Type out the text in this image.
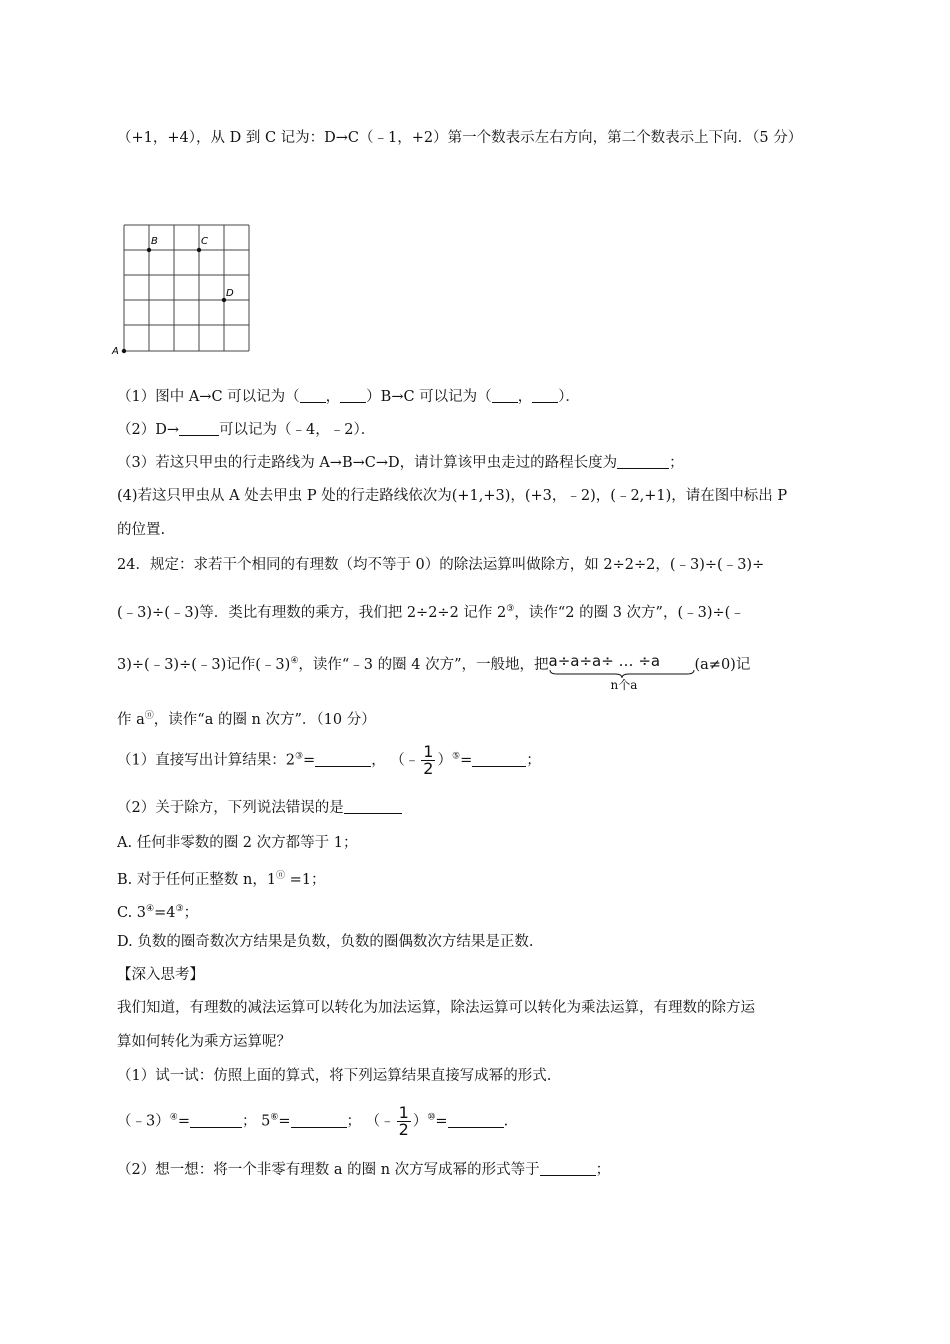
（+1，+4），从 D 到 C 记为：D→C（﹣1，+2）第一个数表示左右方向，第二个数表示上下向．（5 分）
A
B	C
D
（1）图中 A→C 可以记为（ ， ）B→C 可以记为（ ， ）．
（2）D→	可以记为（﹣4，﹣2）．
（3）若这只甲虫的行走路线为 A→B→C→D，请计算该甲虫走过的路程长度为	；
(4)若这只甲虫从 A 处去甲虫 P 处的行走路线依次为(+1,+3)，(+3，﹣2)，(﹣2,+1)，请在图中标出 P
的位置.
24．规定：求若干个相同的有理数（均不等于 0）的除法运算叫做除方，如 2÷2÷2，(﹣3)÷(﹣3)÷
(﹣3)÷(﹣3)等．类比有理数的乘方，我们把 2÷2÷2 记作 2③，读作“2 的圈 3 次方”，(﹣3)÷(﹣
3)÷(﹣3)÷(﹣3)记作(﹣3)④，读作“﹣3 的圈 4 次方”，一般地，把 a÷a÷a÷ … ÷a
n个a
(a≠0)记
作 aⓝ，读作“a 的圈 n 次方”．（10 分）
（1）直接写出计算结果：2③=	， （﹣ $\frac{1}{2} )^⑤=$	；
（2）关于除方，下列说法错误的是
A. 任何非零数的圈 2 次方都等于 1；
B. 对于任何正整数 n，1ⓝ =1；
C. 3④=4③；
D. 负数的圈奇数次方结果是负数，负数的圈偶数次方结果是正数.
【深入思考】
我们知道，有理数的减法运算可以转化为加法运算，除法运算可以转化为乘法运算，有理数的除方运
算如何转化为乘方运算呢？
（1）试一试：仿照上面的算式，将下列运算结果直接写成幂的形式.
（﹣3）④=	； 5⑥=	； （﹣ $\frac{1}{2} )^⑩=$	.
（2）想一想：将一个非零有理数 a 的圈 n 次方写成幂的形式等于	；
